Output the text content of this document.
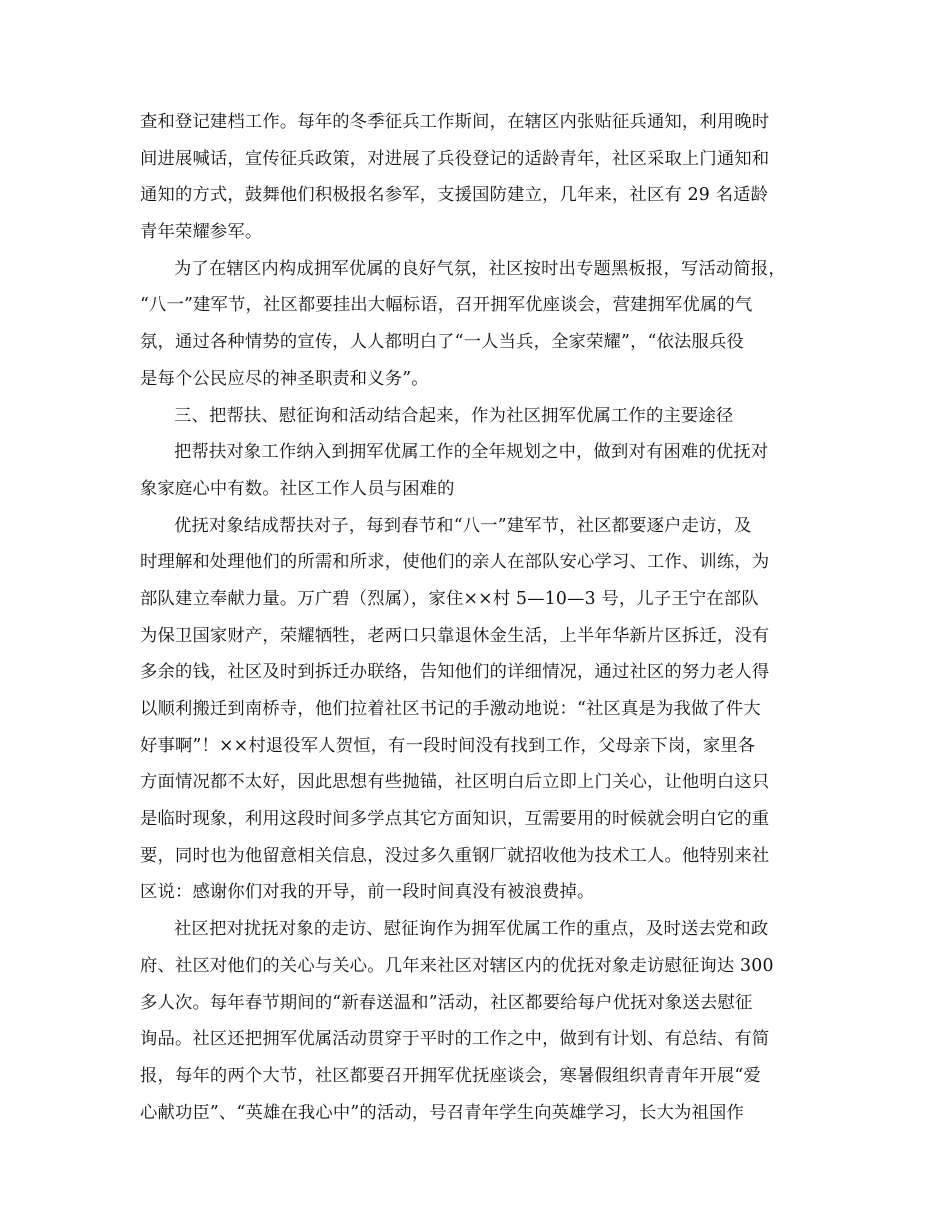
查和登记建档工作。每年的冬季征兵工作斯间，在辖区内张贴征兵通知，利用晚时
间进展喊话，宣传征兵政策，对进展了兵役登记的适龄青年，社区采取上门通知和
通知的方式，鼓舞他们积极报名参军，支援国防建立，几年来，社区有 29 名适龄
青年荣耀参军。
为了在辖区内构成拥军优属的良好气氛，社区按时出专题黑板报，写活动简报，
“八一”建军节，社区都要挂出大幅标语，召开拥军优座谈会，营建拥军优属的气
氛，通过各种情势的宣传，人人都明白了“一人当兵，全家荣耀”，“依法服兵役
是每个公民应尽的神圣职责和义务”。
三、把帮扶、慰征询和活动结合起来，作为社区拥军优属工作的主要途径
把帮扶对象工作纳入到拥军优属工作的全年规划之中，做到对有困难的优抚对
象家庭心中有数。社区工作人员与困难的
优抚对象结成帮扶对子，每到春节和“八一”建军节，社区都要逐户走访，及
时理解和处理他们的所需和所求，使他们的亲人在部队安心学习、工作、训练，为
部队建立奉献力量。万广碧（烈属），家住××村 5—10—3 号，儿子王宁在部队
为保卫国家财产，荣耀牺牲，老两口只靠退休金生活，上半年华新片区拆迁，没有
多余的钱，社区及时到拆迁办联络，告知他们的详细情况，通过社区的努力老人得
以顺利搬迁到南桥寺，他们拉着社区书记的手激动地说：“社区真是为我做了件大
好事啊”！××村退役军人贺恒，有一段时间没有找到工作，父母亲下岗，家里各
方面情况都不太好，因此思想有些抛锚，社区明白后立即上门关心，让他明白这只
是临时现象，利用这段时间多学点其它方面知识，互需要用的时候就会明白它的重
要，同时也为他留意相关信息，没过多久重钢厂就招收他为技术工人。他特别来社
区说：感谢你们对我的开导，前一段时间真没有被浪费掉。
社区把对扰抚对象的走访、慰征询作为拥军优属工作的重点，及时送去党和政
府、社区对他们的关心与关心。几年来社区对辖区内的优抚对象走访慰征询达 300
多人次。每年春节期间的“新春送温和”活动，社区都要给每户优抚对象送去慰征
询品。社区还把拥军优属活动贯穿于平时的工作之中，做到有计划、有总结、有简
报，每年的两个大节，社区都要召开拥军优抚座谈会，寒暑假组织青青年开展“爱
心献功臣”、“英雄在我心中”的活动，号召青年学生向英雄学习，长大为祖国作
